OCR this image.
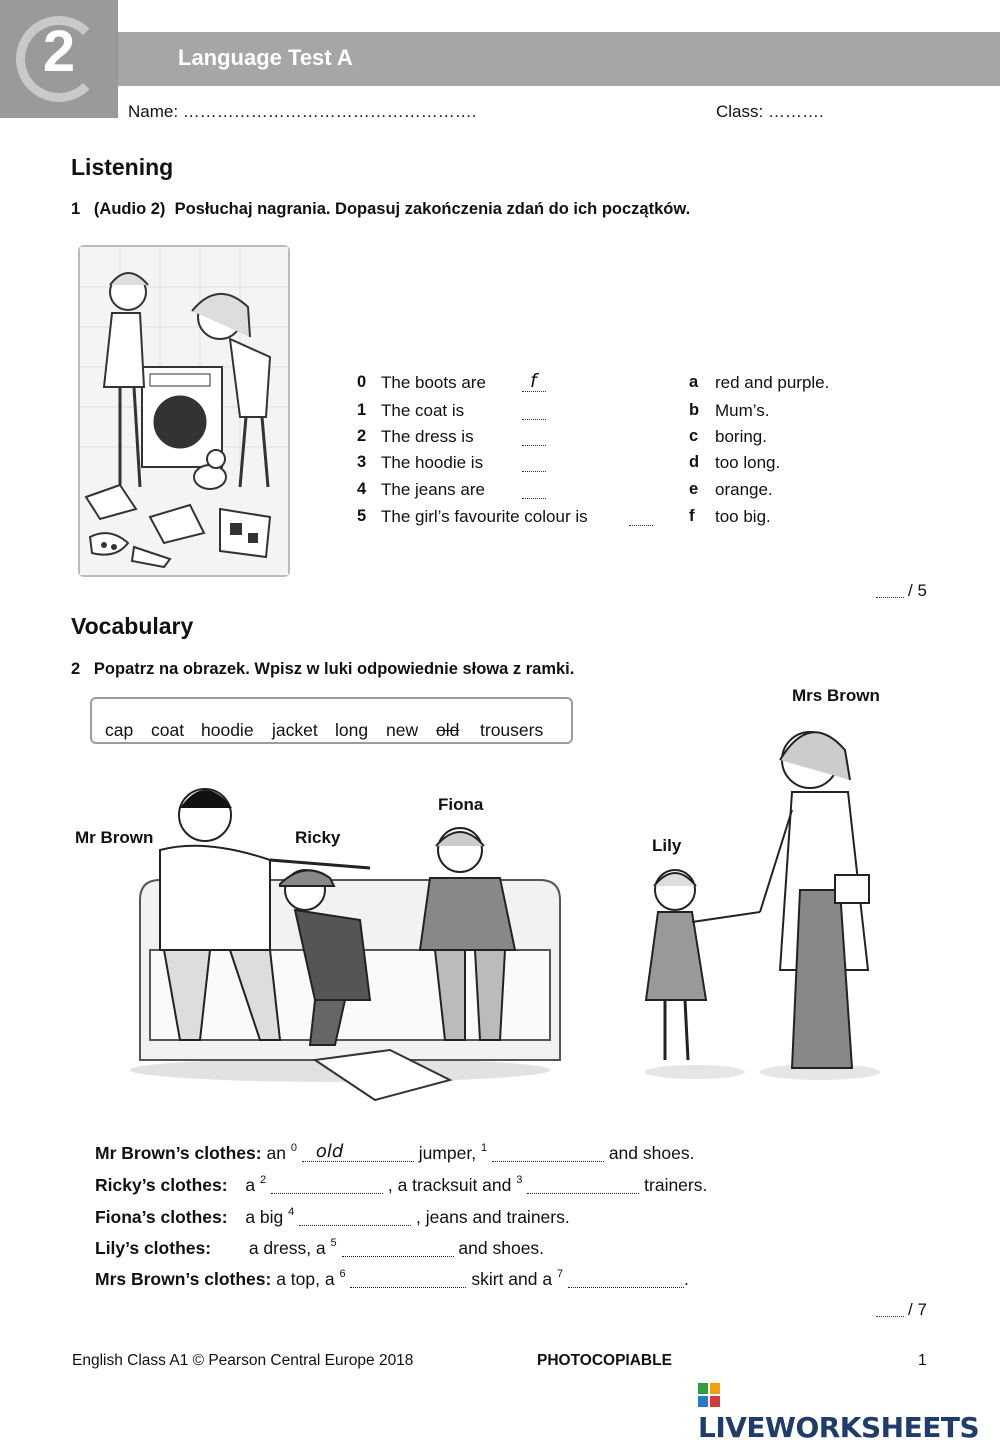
2	Language Test A
Name: …………………………………………….	Class: ……….
Listening
1   (Audio 2)  Posłuchaj nagrania. Dopasuj zakończenia zdań do ich początków.
0 The boots are f
1 The coat is
2 The dress is
3 The hoodie is
4 The jeans are
5 The girl’s favourite colour is
a red and purple.
b Mum’s.
c boring.
d too long.
e orange.
f too big.
/ 5
Vocabulary
2   Popatrz na obrazek. Wpisz w luki odpowiednie słowa z ramki.
cap coat hoodie jacket long new old trousers
Mrs Brown
Fiona
Mr Brown	Ricky	Lily
Mr Brown’s clothes: an $^0$ old	jumper, $^1$	and shoes.
Ricky’s clothes: a $^2$	, a tracksuit and $^3$	trainers.
Fiona’s clothes: a big $^4$	, jeans and trainers.
Lily’s clothes: a dress, a $^5$	and shoes.
Mrs Brown’s clothes: a top, a $^6$	skirt and a $^7$	.
/ 7
English Class A1 © Pearson Central Europe 2018	PHOTOCOPIABLE	1
LIVEWORKSHEETS
